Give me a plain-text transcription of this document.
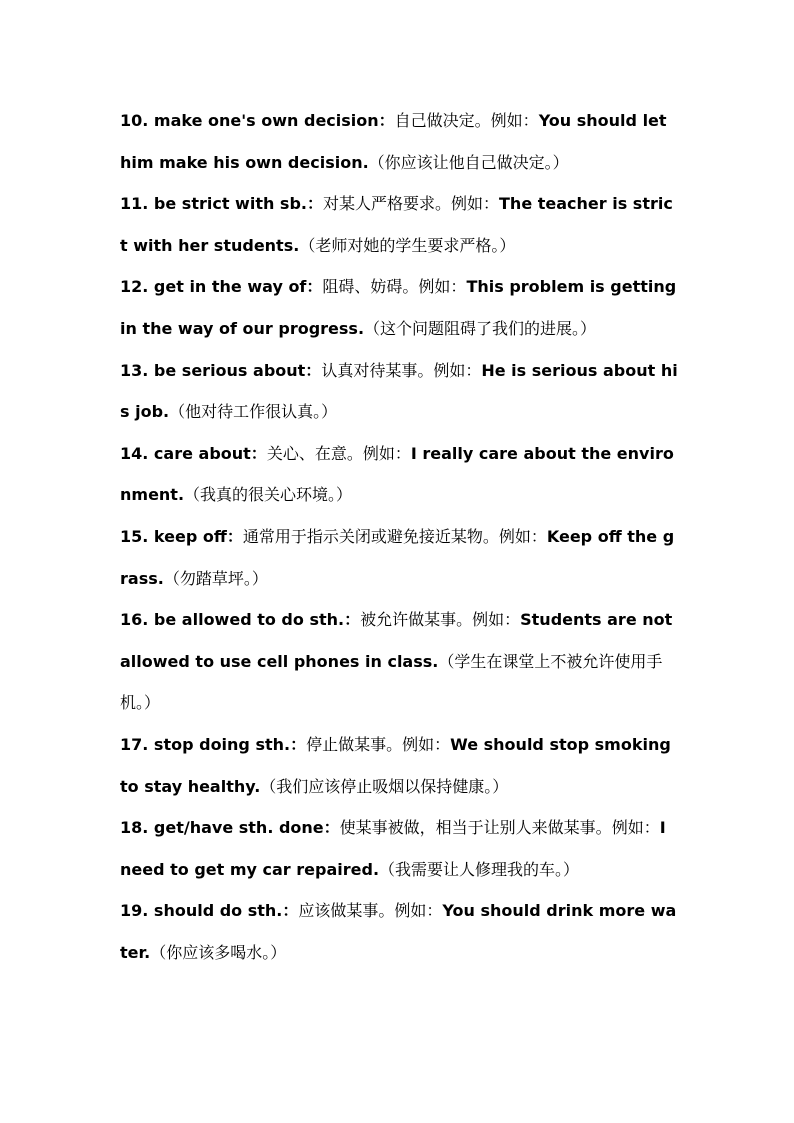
10. make one's own decision：自己做决定。例如：You should let him make his own decision.（你应该让他自己做决定。）

11. be strict with sb.：对某人严格要求。例如：The teacher is strict with her students.（老师对她的学生要求严格。）

12. get in the way of：阻碍、妨碍。例如：This problem is getting in the way of our progress.（这个问题阻碍了我们的进展。）

13. be serious about：认真对待某事。例如：He is serious about his job.（他对待工作很认真。）

14. care about：关心、在意。例如：I really care about the environment.（我真的很关心环境。）

15. keep off：通常用于指示关闭或避免接近某物。例如：Keep off the grass.（勿踏草坪。）

16. be allowed to do sth.：被允许做某事。例如：Students are not allowed to use cell phones in class.（学生在课堂上不被允许使用手机。）

17. stop doing sth.：停止做某事。例如：We should stop smoking to stay healthy.（我们应该停止吸烟以保持健康。）

18. get/have sth. done：使某事被做，相当于让别人来做某事。例如：I need to get my car repaired.（我需要让人修理我的车。）

19. should do sth.：应该做某事。例如：You should drink more water.（你应该多喝水。）
